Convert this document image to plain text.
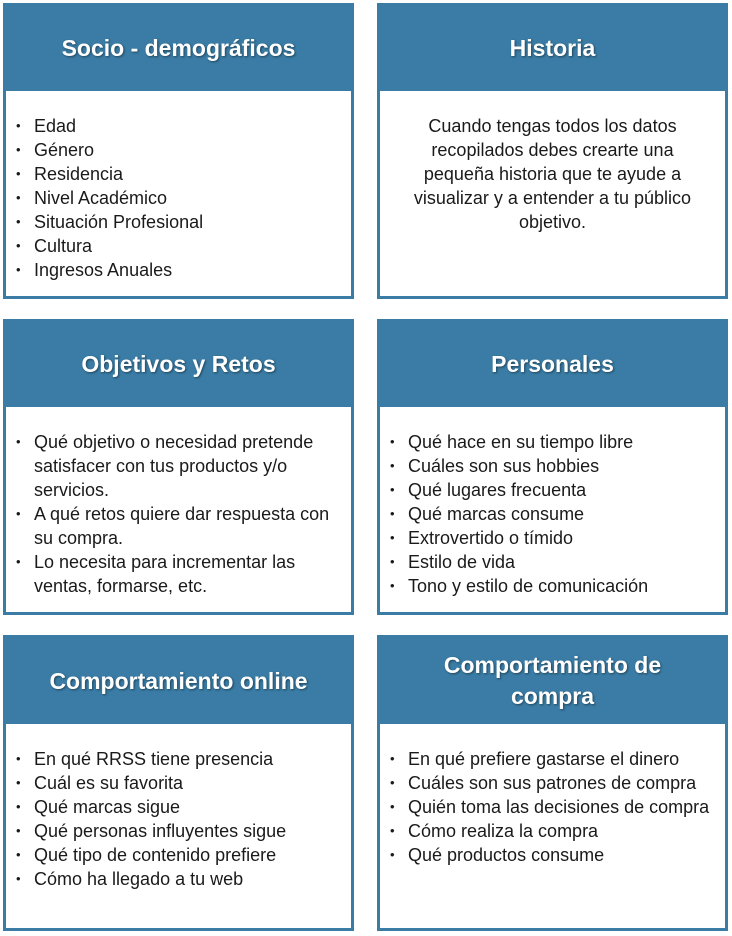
Socio - demográficos
• Edad
• Género
• Residencia
• Nivel Académico
• Situación Profesional
• Cultura
• Ingresos Anuales
Historia

Cuando tengas todos los datos recopilados debes crearte una pequeña historia que te ayude a visualizar y a entender a tu público objetivo.

Objetivos y Retos
• Qué objetivo o necesidad pretende satisfacer con tus productos y/o servicios.
• A qué retos quiere dar respuesta con su compra.
• Lo necesita para incrementar las ventas, formarse, etc.
Personales
• Qué hace en su tiempo libre
• Cuáles son sus hobbies
• Qué lugares frecuenta
• Qué marcas consume
• Extrovertido o tímido
• Estilo de vida
• Tono y estilo de comunicación
Comportamiento online
• En qué RRSS tiene presencia
• Cuál es su favorita
• Qué marcas sigue
• Qué personas influyentes sigue
• Qué tipo de contenido prefiere
• Cómo ha llegado a tu web
Comportamiento de compra
• En qué prefiere gastarse el dinero
• Cuáles son sus patrones de compra
• Quién toma las decisiones de compra
• Cómo realiza la compra
• Qué productos consume
